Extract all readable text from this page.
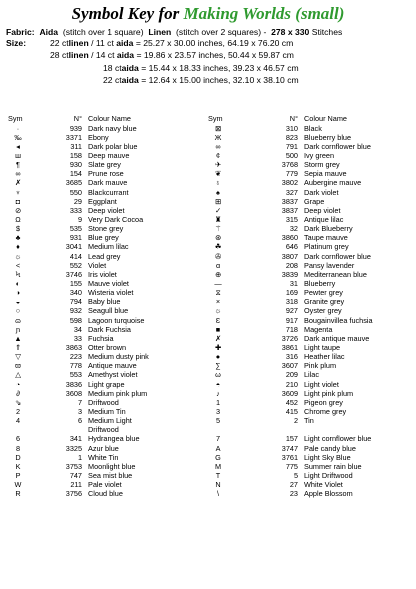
Symbol Key for Making Worlds (small)
Fabric: Aida (stitch over 1 square) Linen (stitch over 2 squares) - 278 x 330 Stitches
Size:
Sym	N° Colour Name
·	939 Dark navy blue
‰	3371 Ebony
◂	311 Dark polar blue
ш	158 Deep mauve
¶	930 Slate grey
∞	154 Prune rose
✗	3685 Dark mauve
♆	550 Blackcurrant
◘	29 Eggplant
⊘	333 Deep violet
Ω	9 Very Dark Cocoa
$	535 Stone grey
♣	931 Blue grey
♦	3041 Medium lilac
☼	414 Lead grey
<	552 Violet
Ϟ	3746 Iris violet
◐	155 Mauve violet
◑	340 Wisteria violet
◒	794 Baby blue
○	932 Seagull blue
ɷ	598 Lagoon turquoise
ɲ	34 Dark Fuchsia
▲	33 Fuchsia
⇑	3863 Otter brown
▽	223 Medium dusty pink
ϖ	778 Antique mauve
△	553 Amethyst violet
◔	3836 Light grape
∂	3608 Medium pink plum
⇘	7 Driftwood
2	3 Medium Tin
4	6 Medium Light
Driftwood
6	341 Hydrangea blue
8	3325 Azur blue
D	1 White Tin
K	3753 Moonlight blue
P	747 Sea mist blue
W	211 Pale violet
R	3756 Cloud blue
Sym	N° Colour Name
⊠	310 Black
Ж	823 Blueberry blue
∞	791 Dark cornflower blue
¢	500 Ivy green
✈	3768 Storm grey
❦	779 Sepia mauve
♁	3802 Aubergine mauve
♠	327 Dark violet
⊞	3837 Grape
✓	3837 Deep violet
♜	315 Antique lilac
⚚	32 Dark Blueberry
⊛	3860 Taupe mauve
☘	646 Platinum grey
✇	3807 Dark cornflower blue
ɑ	208 Pansy lavender
⊕	3839 Mediterranean blue
—	31 Blueberry
⧖	169 Pewter grey
×	318 Granite grey
☼	927 Oyster grey
Ɛ	917 Bougainvillea fuchsia
■	718 Magenta
✗	3726 Dark antique mauve
✚	3861 Light taupe
●	316 Heather lilac
∑	3607 Pink plum
ω	209 Lilac
◓	210 Light violet
♪	3609 Light pink plum
1	452 Pigeon grey
3	415 Chrome grey
5	2 Tin
7	157 Light cornflower blue
A	3747 Pale candy blue
G	3761 Light Sky Blue
M	775 Summer rain blue
T	5 Light Driftwood
N	27 White Violet
\	23 Apple Blossom
22 ctlinen / 11 ct aida = 25.27 x 30.00 inches, 64.19 x 76.20 cm
28 ctlinen / 14 ct aida = 19.86 x 23.57 inches, 50.44 x 59.87 cm
18 ctaida = 15.44 x 18.33 inches, 39.23 x 46.57 cm
22 ctaida = 12.64 x 15.00 inches, 32.10 x 38.10 cm
